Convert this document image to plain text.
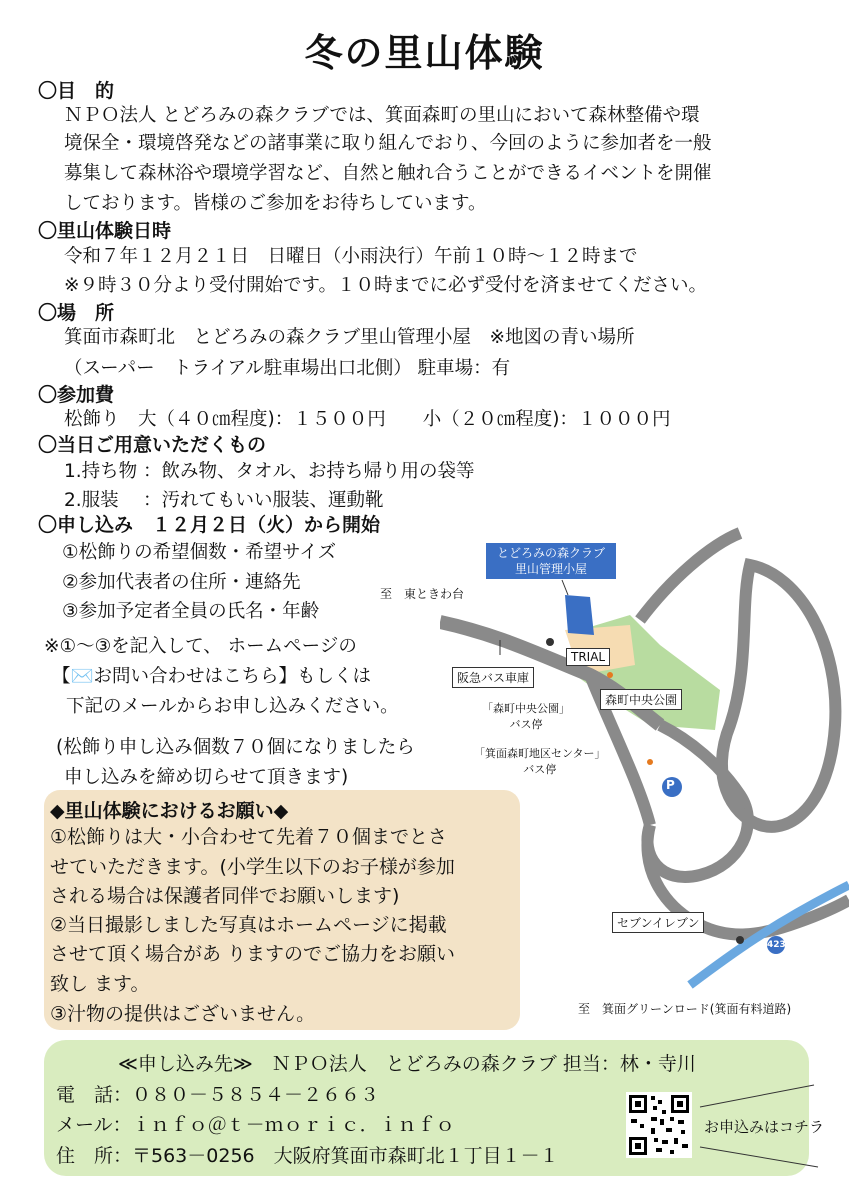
冬の里山体験
〇目　的
ＮＰＯ法人 とどろみの森クラブでは、箕面森町の里山において森林整備や環
境保全・環境啓発などの諸事業に取り組んでおり、今回のように参加者を一般
募集して森林浴や環境学習など、自然と触れ合うことができるイベントを開催
しております。皆様のご参加をお待ちしています。
〇里山体験日時
令和７年１２月２１日　日曜日（小雨決行）午前１０時～１２時まで
※９時３０分より受付開始です。１０時までに必ず受付を済ませてください。
〇場　所
箕面市森町北　とどろみの森クラブ里山管理小屋　※地図の青い場所
（スーパー　トライアル駐車場出口北側） 駐車場：有
〇参加費
松飾り　大（４０㎝程度)：１５００円　　小（２０㎝程度)：１０００円
〇当日ご用意いただくもの
1.持ち物 ：飲み物、タオル、お持ち帰り用の袋等
2.服装　 ：汚れてもいい服装、運動靴
〇申し込み　１２月２日（火）から開始
①松飾りの希望個数・希望サイズ
②参加代表者の住所・連絡先
③参加予定者全員の氏名・年齢
※①～③を記入して、 ホームページの
【✉️お問い合わせはこちら】もしくは
下記のメールからお申し込みください。
(松飾り申し込み個数７０個になりましたら
申し込みを締め切らせて頂きます)
とどろみの森クラブ
里山管理小屋
至　東ときわ台
TRIAL
阪急バス車庫
森町中央公園
「森町中央公園」
バス停
「箕面森町地区センター」
バス停
P
セブンイレブン
423
至　箕面グリーンロード(箕面有料道路)
◆里山体験におけるお願い◆
①松飾りは大・小合わせて先着７０個までとさ
せていただきます。(小学生以下のお子様が参加
される場合は保護者同伴でお願いします)
②当日撮影しました写真はホームページに掲載
させて頂く場合があ りますのでご協力をお願い
致し ます。
③汁物の提供はございません。
≪申し込み先≫　ＮＰＯ法人　とどろみの森クラブ 担当：林・寺川
電　話：０８０－５８５４－２６６３
メール：ｉｎｆｏ＠ｔ－ｍｏｒｉｃ．ｉｎｆｏ
住　所：〒563－0256　大阪府箕面市森町北１丁目１－１
お申込みはコチラ
